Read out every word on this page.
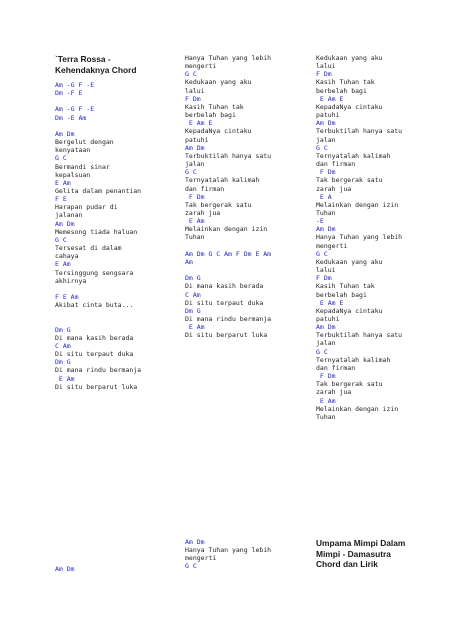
`Terra Rossa -
Kehendaknya Chord
Am -G F -E
Dm -F E
Am -G F -E
Dm -E Am
Am Dm
Bergelut dengan
kenyataan
G C
Bermandi sinar
kepalsuan
E Am
Gelita dalam penantian
F E
Harapan pudar di
jalanan
Am Dm
Memesong tiada haluan
G C
Tersesat di dalam
cahaya
E Am
Tersinggung sengsara
akhirnya
F E Am
Akibat cinta buta...
Dm G
Di mana kasih berada
C Am
Di situ terpaut duka
Dm G
Di mana rindu bermanja
E Am
Di situ berparut luka
Hanya Tuhan yang lebih
mengerti
G C
Kedukaan yang aku
lalui
F Dm
Kasih Tuhan tak
berbelah bagi
E Am E
KepadaNya cintaku
patuhi
Am Dm
Terbuktilah hanya satu
jalan
G C
Ternyatalah kalimah
dan firman
F Dm
Tak bergerak satu
zarah jua
E Am
Melainkan dengan izin
Tuhan
Am Dm G C Am F Dm E Am
Am
Dm G
Di mana kasih berada
C Am
Di situ terpaut duka
Dm G
Di mana rindu bermanja
E Am
Di situ berparut luka
Kedukaan yang aku
lalui
F Dm
Kasih Tuhan tak
berbelah bagi
E Am E
KepadaNya cintaku
patuhi
Am Dm
Terbuktilah hanya satu
jalan
G C
Ternyatalah kalimah
dan firman
F Dm
Tak bergerak satu
zarah jua
E A
Melainkan dengan izin
Tuhan
-E
Am Dm
Hanya Tuhan yang lebih
mengerti
G C
Kedukaan yang aku
lalui
F Dm
Kasih Tuhan tak
berbelah bagi
E Am E
KepadaNya cintaku
patuhi
Am Dm
Terbuktilah hanya satu
jalan
G C
Ternyatalah kalimah
dan firman
F Dm
Tak bergerak satu
zarah jua
E Am
Melainkan dengan izin
Tuhan
Am Dm
Am Dm
Hanya Tuhan yang lebih
mengerti
G C
Umpama Mimpi Dalam
Mimpi - Damasutra
Chord dan Lirik
